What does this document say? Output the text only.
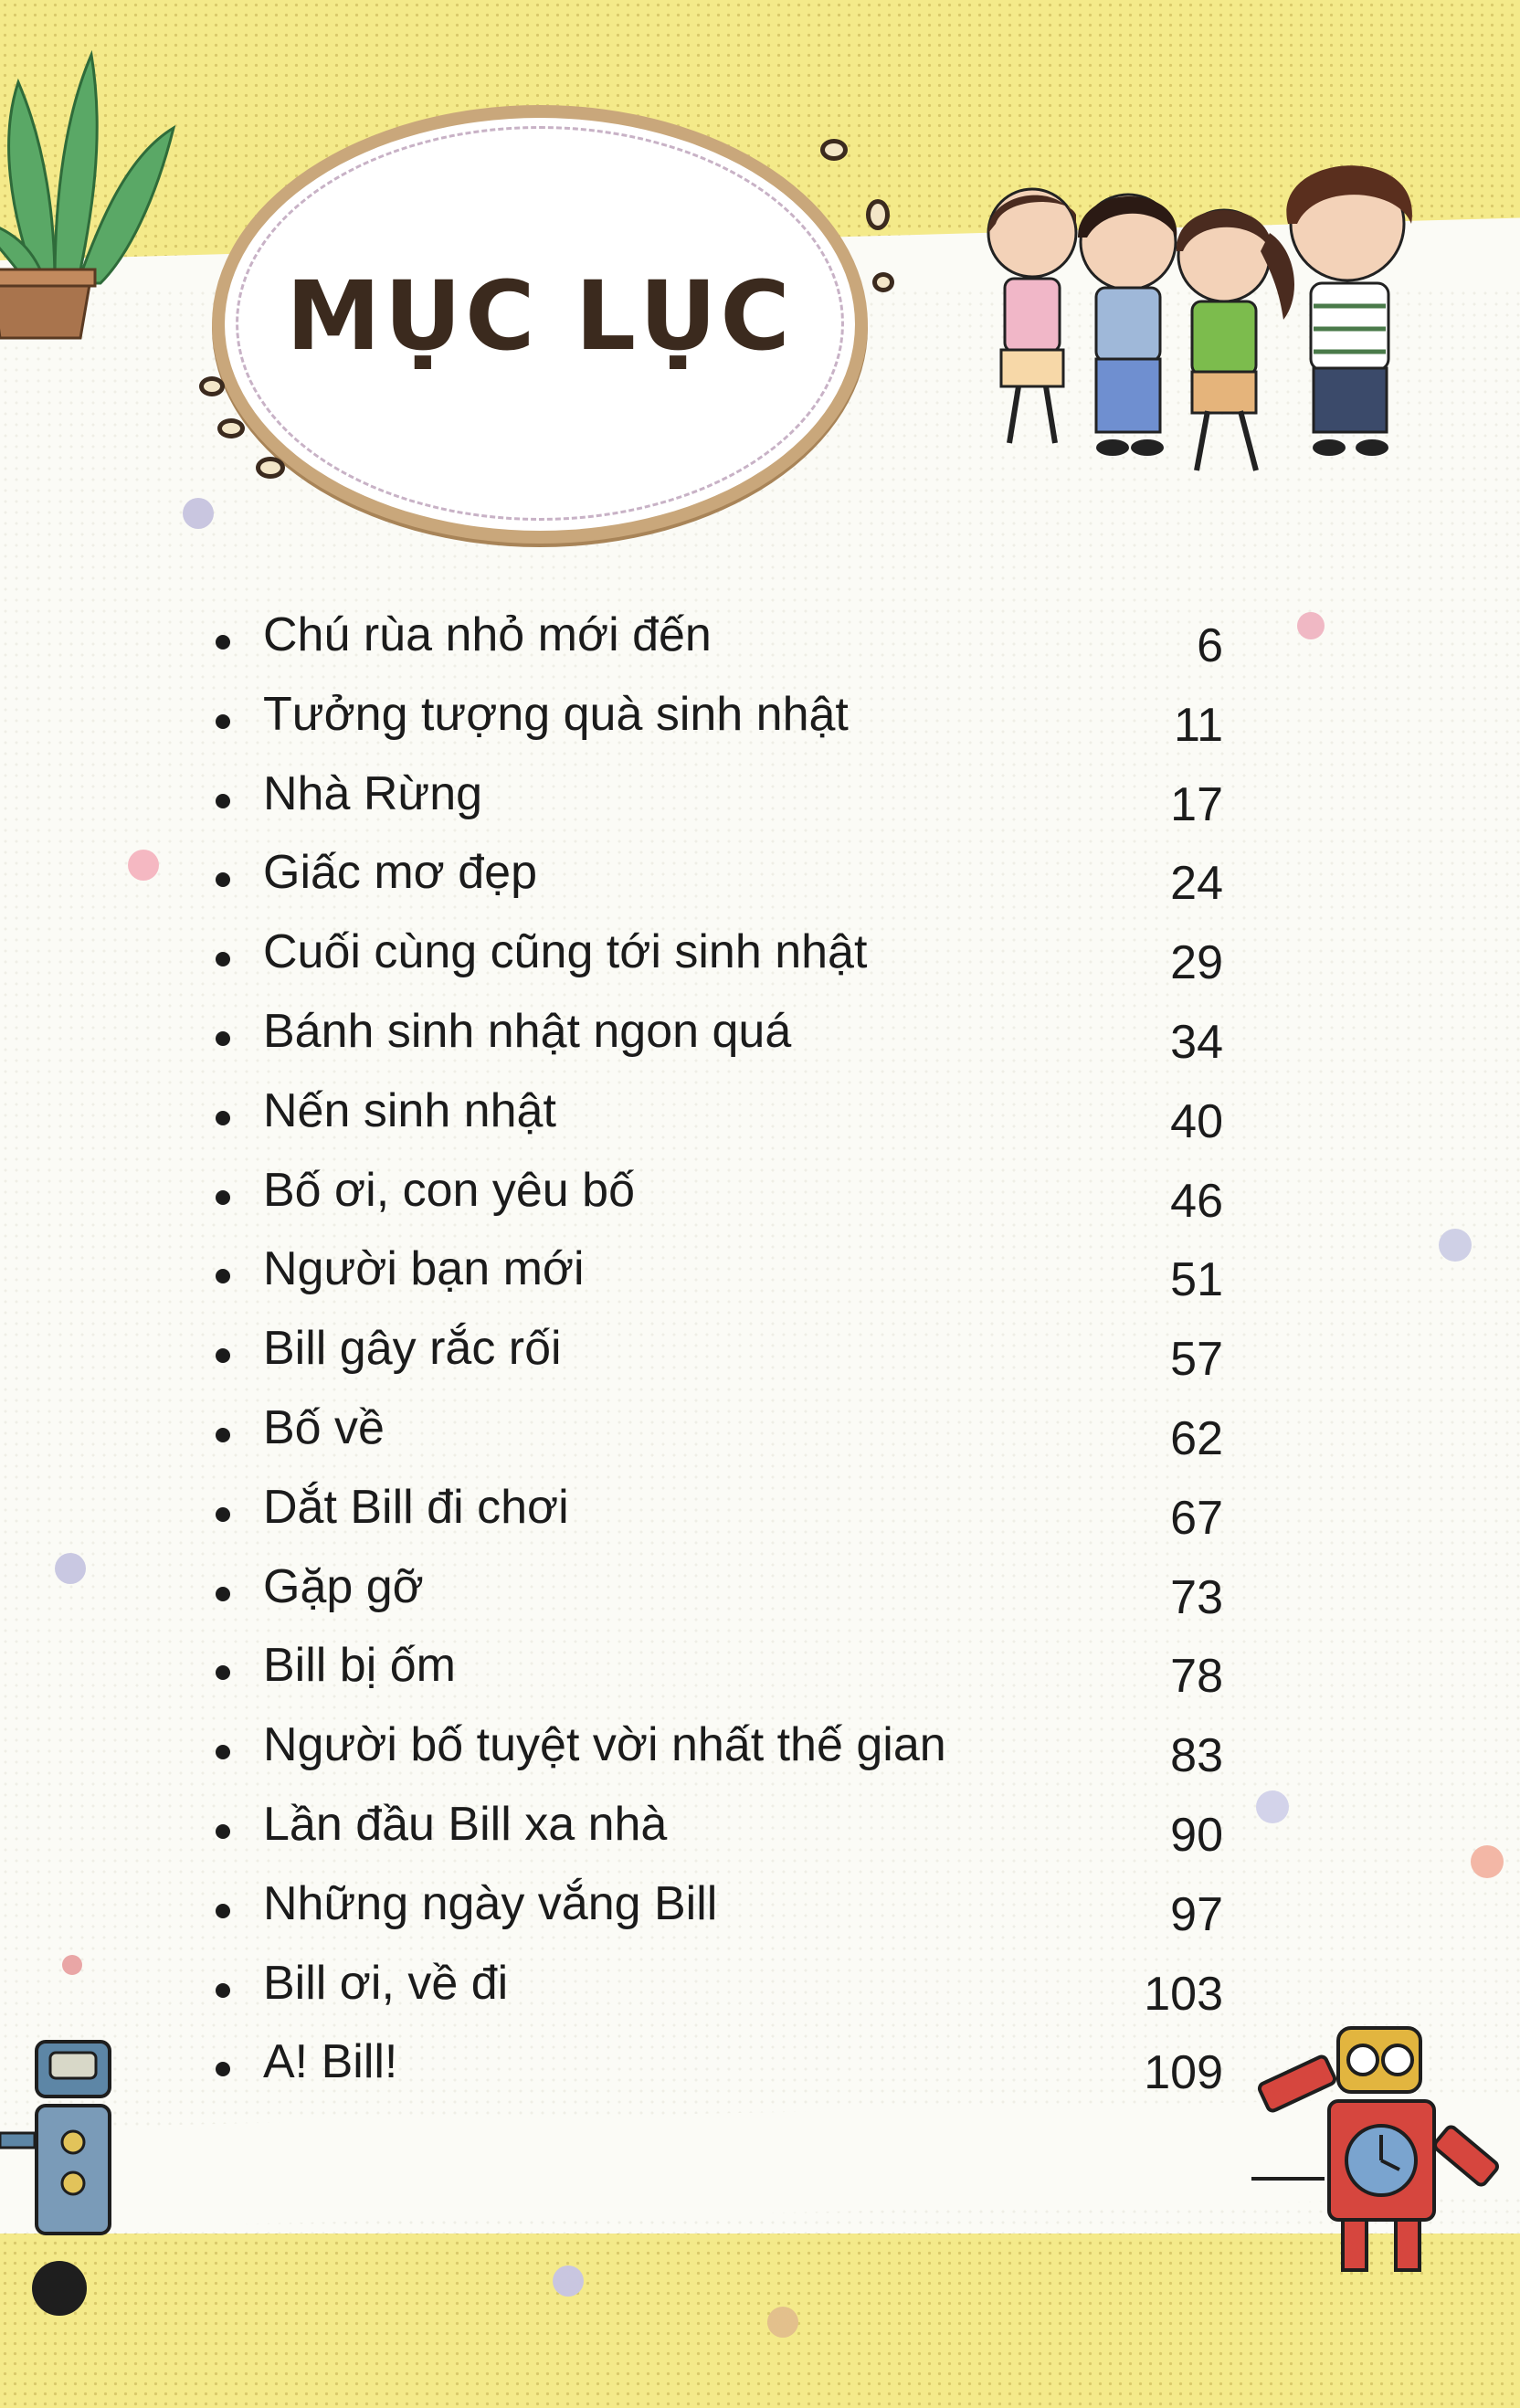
MỤC LỤC
Chú rùa nhỏ mới đến	6
Tưởng tượng quà sinh nhật	11
Nhà Rừng	17
Giấc mơ đẹp	24
Cuối cùng cũng tới sinh nhật	29
Bánh sinh nhật ngon quá	34
Nến sinh nhật	40
Bố ơi, con yêu bố	46
Người bạn mới	51
Bill gây rắc rối	57
Bố về	62
Dắt Bill đi chơi	67
Gặp gỡ	73
Bill bị ốm	78
Người bố tuyệt vời nhất thế gian	83
Lần đầu Bill xa nhà	90
Những ngày vắng Bill	97
Bill ơi, về đi	103
A! Bill!	109
